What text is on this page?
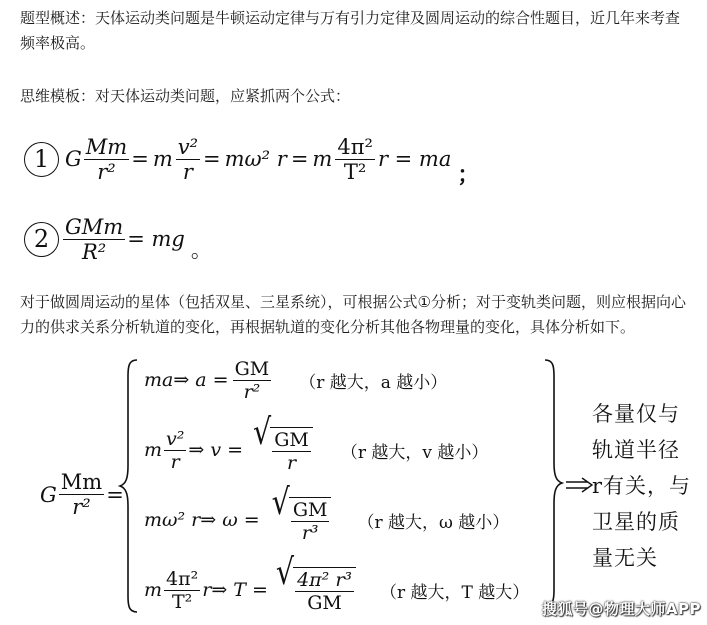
题型概述：天体运动类问题是牛顿运动定律与万有引力定律及圆周运动的综合性题目，近几年来考查频率极高。
思维模板：对天体运动类问题，应紧抓两个公式：
1 G $\frac{Mm}{\text{r²}} = m \frac{\text{v²}}{r} = m\omega^2$ r = m $\frac{\text{4π²}}{\text{T²}}$ r = ma
；
$2 \frac{\text{GMm}}{\text{R²}}$ = mg 。
对于做圆周运动的星体（包括双星、三星系统），可根据公式①分析；对于变轨类问题，则应根据向心力的供求关系分析轨道的变化，再根据轨道的变化分析其他各物理量的变化，具体分析如下。
G $\frac{Mm}{\text{r²}}$ =
ma⇒ $a = \frac{GM}{\text{r²}} (r$ 越大，a 越小）
m $\frac{\text{v²}}{r}$ ⇒ v = √ $\frac{GM}{r} (r$ 越大，v 越小）
mω² r⇒ ω = √ $\frac{GM}{\text{r³}} (r$ 越大，ω 越小）
m $\frac{\text{4π²}}{\text{T²}}$ r⇒ T = √ $\frac{\text{4π² r³}}{GM} (r$ 越大，T 越大）
各量仅与
轨道半径
r有关，与
卫星的质
量无关
搜狐号@物理大师APP
